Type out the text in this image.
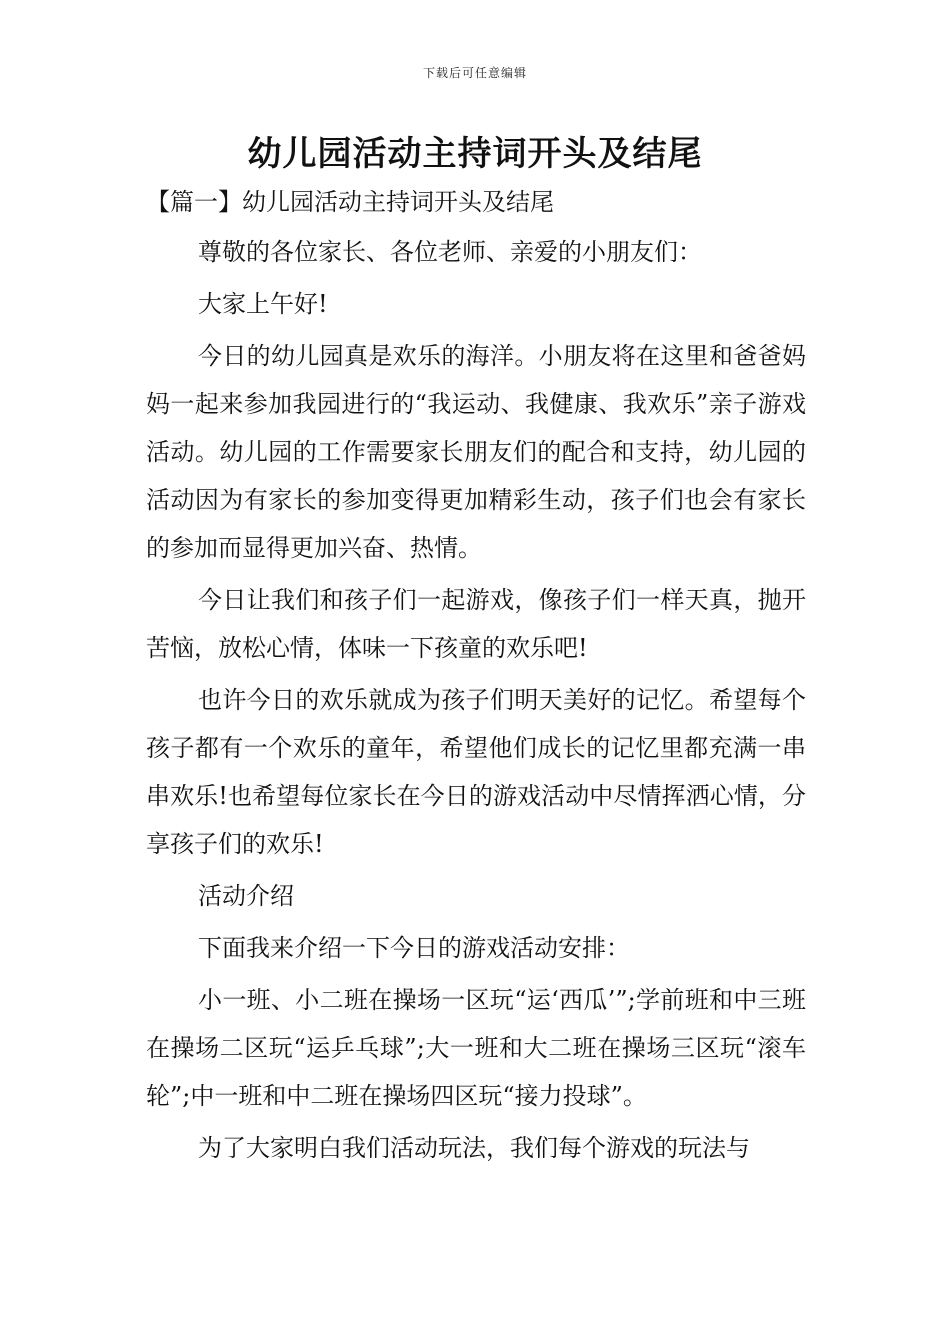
下载后可任意编辑
幼儿园活动主持词开头及结尾
【篇一】幼儿园活动主持词开头及结尾

尊敬的各位家长、各位老师、亲爱的小朋友们：

大家上午好!

今日的幼儿园真是欢乐的海洋。小朋友将在这里和爸爸妈妈一起来参加我园进行的“我运动、我健康、我欢乐”亲子游戏活动。幼儿园的工作需要家长朋友们的配合和支持，幼儿园的活动因为有家长的参加变得更加精彩生动，孩子们也会有家长的参加而显得更加兴奋、热情。

今日让我们和孩子们一起游戏，像孩子们一样天真，抛开苦恼，放松心情，体味一下孩童的欢乐吧!

也许今日的欢乐就成为孩子们明天美好的记忆。希望每个孩子都有一个欢乐的童年，希望他们成长的记忆里都充满一串串欢乐!也希望每位家长在今日的游戏活动中尽情挥洒心情，分享孩子们的欢乐!

活动介绍

下面我来介绍一下今日的游戏活动安排：

小一班、小二班在操场一区玩“运‘西瓜’”;学前班和中三班在操场二区玩“运乒乓球”;大一班和大二班在操场三区玩“滚车轮”;中一班和中二班在操场四区玩“接力投球”。

为了大家明白我们活动玩法，我们每个游戏的玩法与
